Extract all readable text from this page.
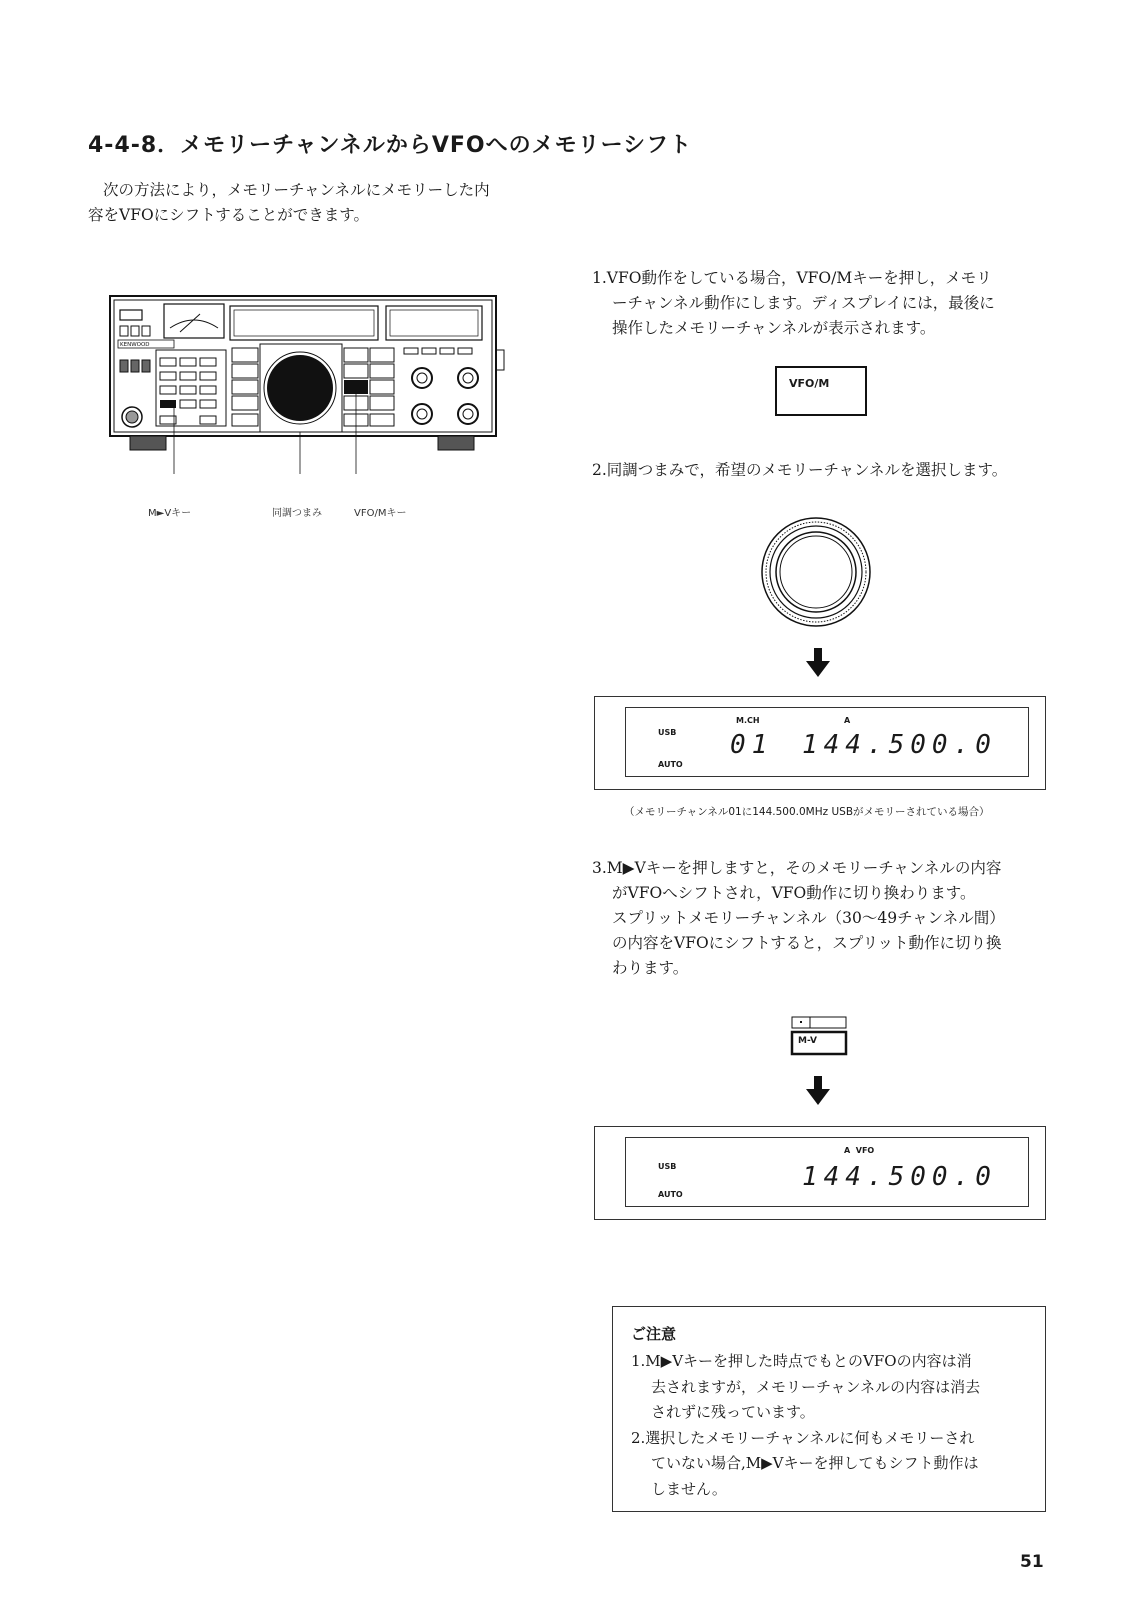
4-4-8．メモリーチャンネルからVFOへのメモリーシフト

次の方法により，メモリーチャンネルにメモリーした内

容をVFOにシフトすることができます。
KENWOOD
M►Vキー	同調つまみ	VFO/Mキー
1.VFO動作をしている場合，VFO/Mキーを押し，メモリ
ーチャンネル動作にします。ディスプレイには，最後に
操作したメモリーチャンネルが表示されます。
VFO/M
2.同調つまみで，希望のメモリーチャンネルを選択します。
USB
AUTO
M.CH	A
01 144.500.0
（メモリーチャンネル01に144.500.0MHz USBがメモリーされている場合）
3.M▶Vキーを押しますと，そのメモリーチャンネルの内容
がVFOへシフトされ，VFO動作に切り換わります。
スプリットメモリーチャンネル（30～49チャンネル間）
の内容をVFOにシフトすると，スプリット動作に切り換
わります。
M-V
USB
AUTO
A  VFO
144.500.0
ご注意
1.M▶Vキーを押した時点でもとのVFOの内容は消
去されますが，メモリーチャンネルの内容は消去
されずに残っています。
2.選択したメモリーチャンネルに何もメモリーされ
ていない場合,M▶Vキーを押してもシフト動作は
しません。
51
